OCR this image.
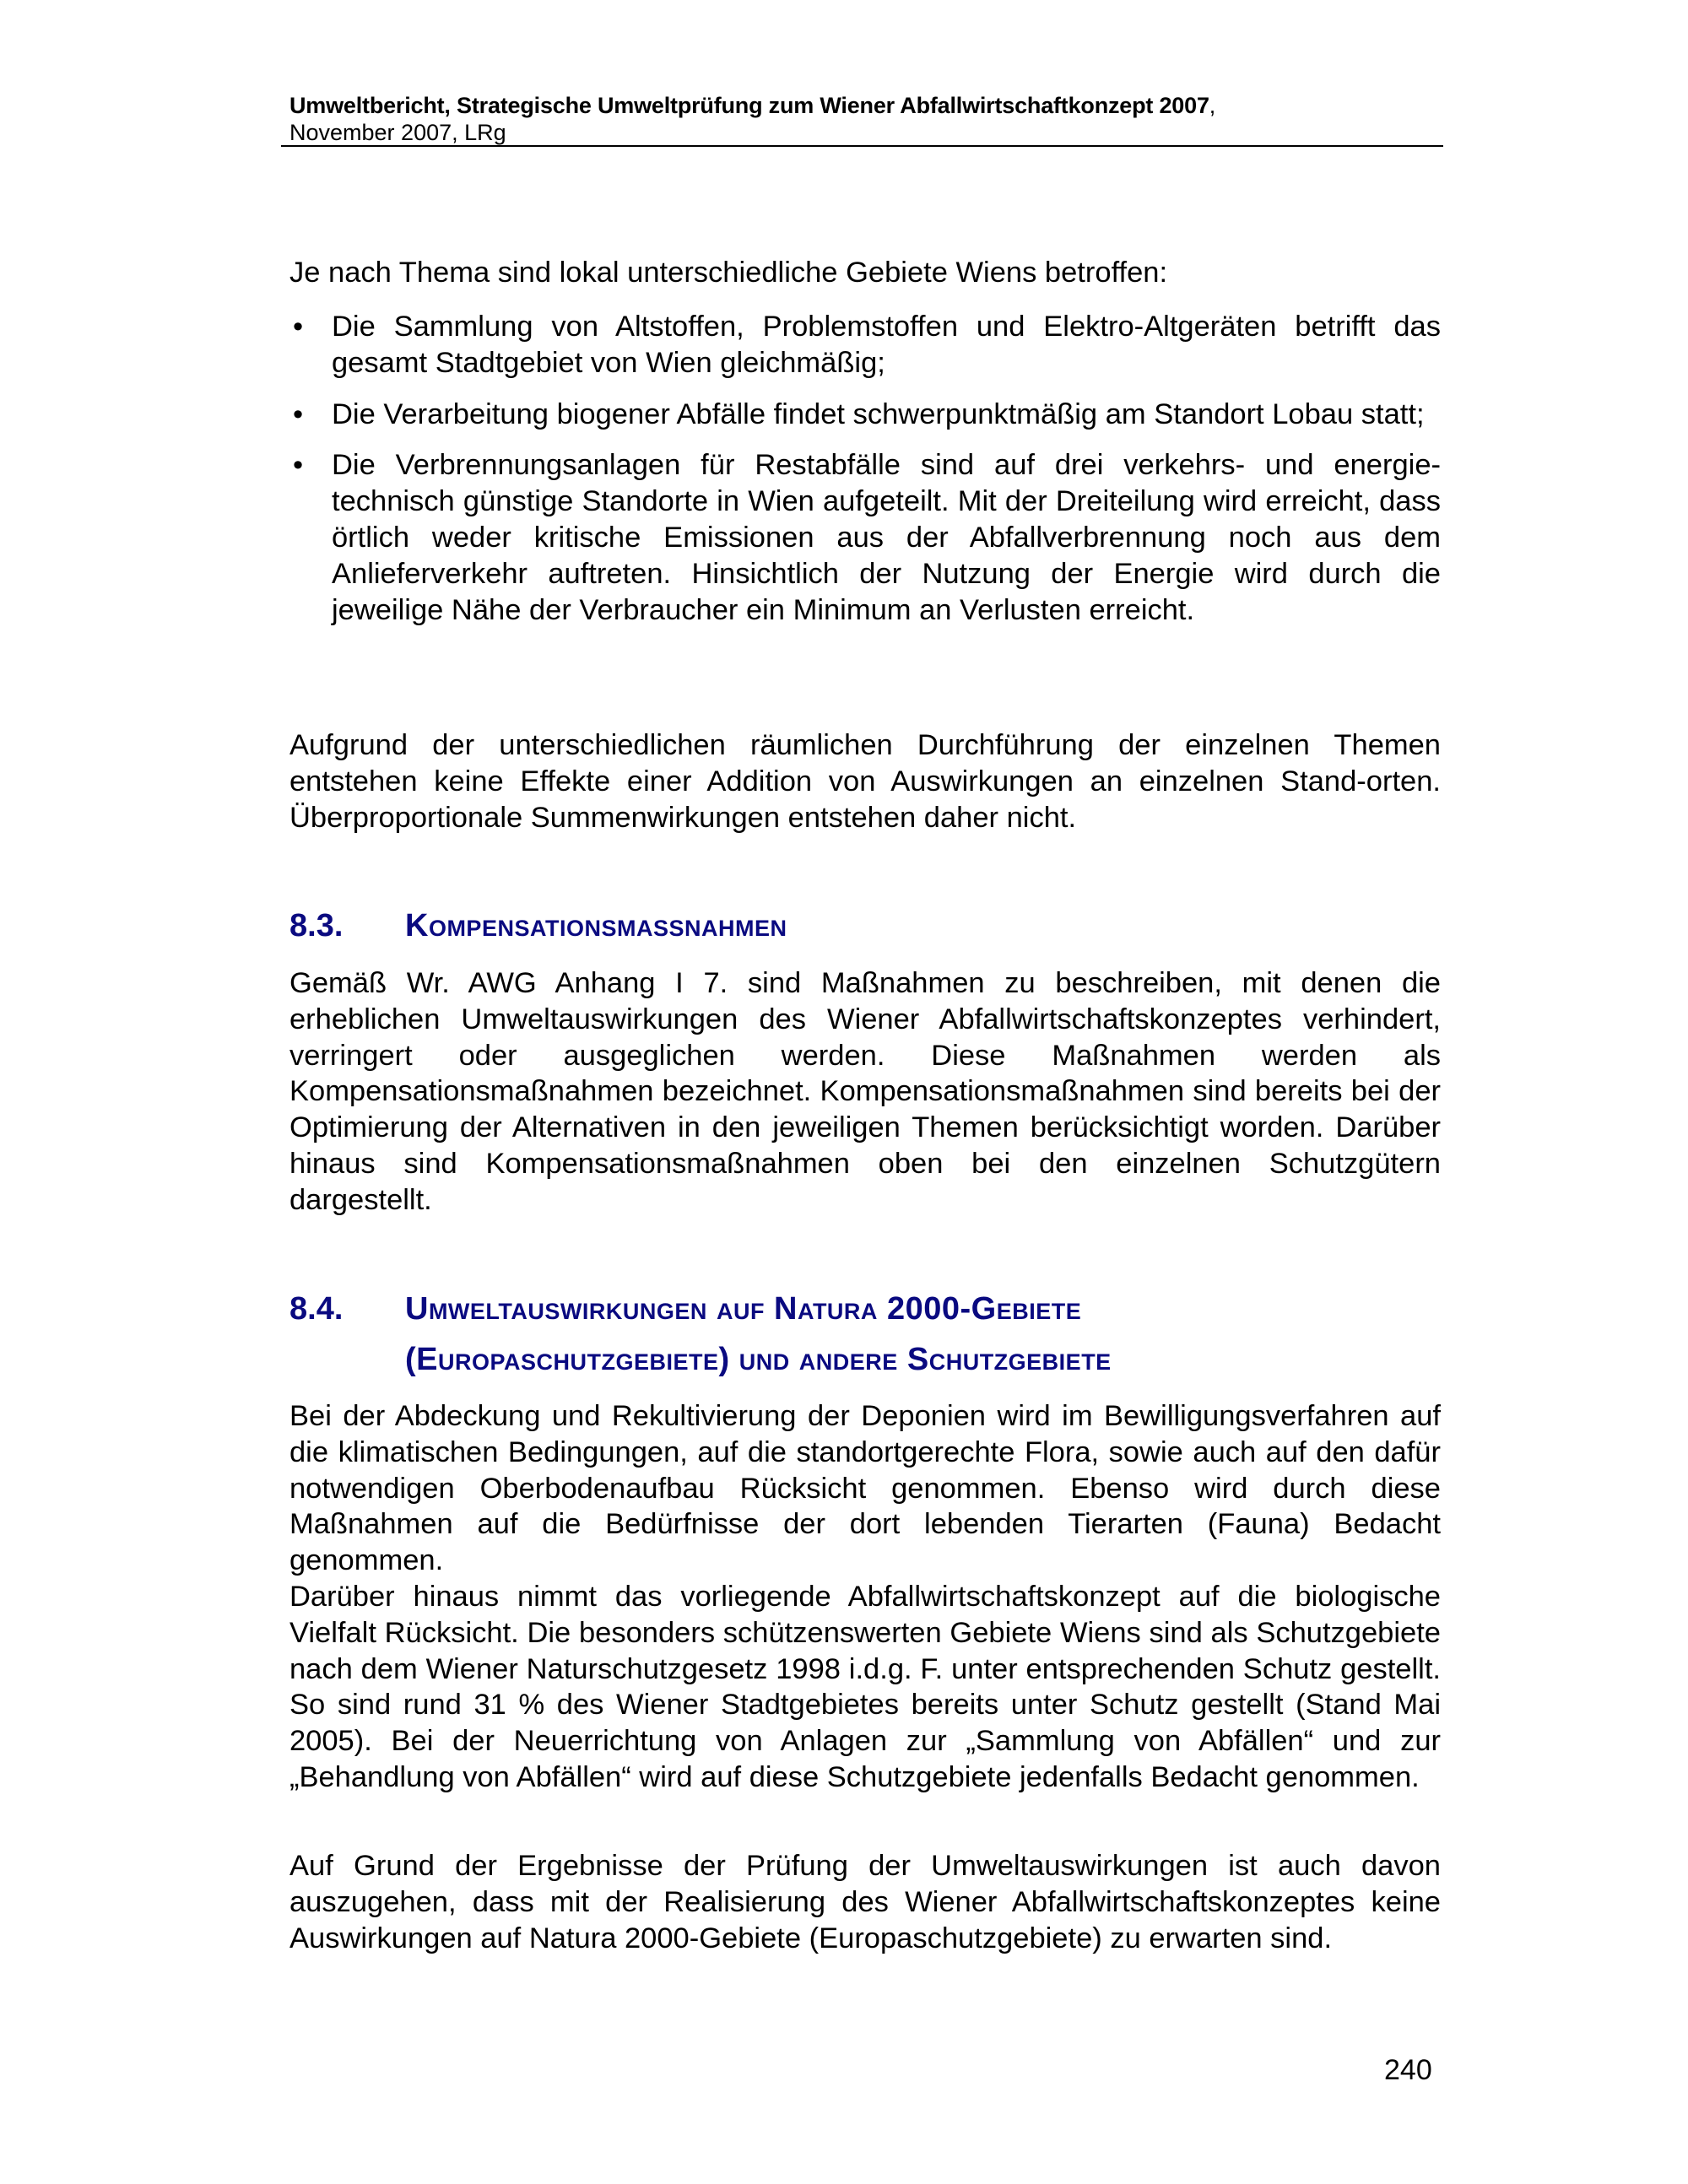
Umweltbericht, Strategische Umweltprüfung zum Wiener Abfallwirtschaftkonzept 2007,
November 2007, LRg

Je nach Thema sind lokal unterschiedliche Gebiete Wiens betroffen:

• Die Sammlung von Altstoffen, Problemstoffen und Elektro-Altgeräten betrifft das gesamt Stadtgebiet von Wien gleichmäßig;
• Die Verarbeitung biogener Abfälle findet schwerpunktmäßig am Standort Lobau statt;
• Die Verbrennungsanlagen für Restabfälle sind auf drei verkehrs- und energie-technisch günstige Standorte in Wien aufgeteilt. Mit der Dreiteilung wird erreicht, dass örtlich weder kritische Emissionen aus der Abfallverbrennung noch aus dem Anlieferverkehr auftreten. Hinsichtlich der Nutzung der Energie wird durch die jeweilige Nähe der Verbraucher ein Minimum an Verlusten erreicht.

Aufgrund der unterschiedlichen räumlichen Durchführung der einzelnen Themen entstehen keine Effekte einer Addition von Auswirkungen an einzelnen Stand-orten. Überproportionale Summenwirkungen entstehen daher nicht.

8.3. Kompensationsmassnahmen

Gemäß Wr. AWG Anhang I 7. sind Maßnahmen zu beschreiben, mit denen die erheblichen Umweltauswirkungen des Wiener Abfallwirtschaftskonzeptes verhindert, verringert oder ausgeglichen werden. Diese Maßnahmen werden als Kompensationsmaßnahmen bezeichnet. Kompensationsmaßnahmen sind bereits bei der Optimierung der Alternativen in den jeweiligen Themen berücksichtigt worden. Darüber hinaus sind Kompensationsmaßnahmen oben bei den einzelnen Schutzgütern dargestellt.

8.4. Umweltauswirkungen auf Natura 2000-Gebiete
(Europaschutzgebiete) und andere Schutzgebiete

Bei der Abdeckung und Rekultivierung der Deponien wird im Bewilligungsverfahren auf die klimatischen Bedingungen, auf die standortgerechte Flora, sowie auch auf den dafür notwendigen Oberbodenaufbau Rücksicht genommen. Ebenso wird durch diese Maßnahmen auf die Bedürfnisse der dort lebenden Tierarten (Fauna) Bedacht genommen.

Darüber hinaus nimmt das vorliegende Abfallwirtschaftskonzept auf die biologische Vielfalt Rücksicht. Die besonders schützenswerten Gebiete Wiens sind als Schutzgebiete nach dem Wiener Naturschutzgesetz 1998 i.d.g. F. unter entsprechenden Schutz gestellt. So sind rund 31 % des Wiener Stadtgebietes bereits unter Schutz gestellt (Stand Mai 2005). Bei der Neuerrichtung von Anlagen zur „Sammlung von Abfällen“ und zur „Behandlung von Abfällen“ wird auf diese Schutzgebiete jedenfalls Bedacht genommen.

Auf Grund der Ergebnisse der Prüfung der Umweltauswirkungen ist auch davon auszugehen, dass mit der Realisierung des Wiener Abfallwirtschaftskonzeptes keine Auswirkungen auf Natura 2000-Gebiete (Europaschutzgebiete) zu erwarten sind.

240
